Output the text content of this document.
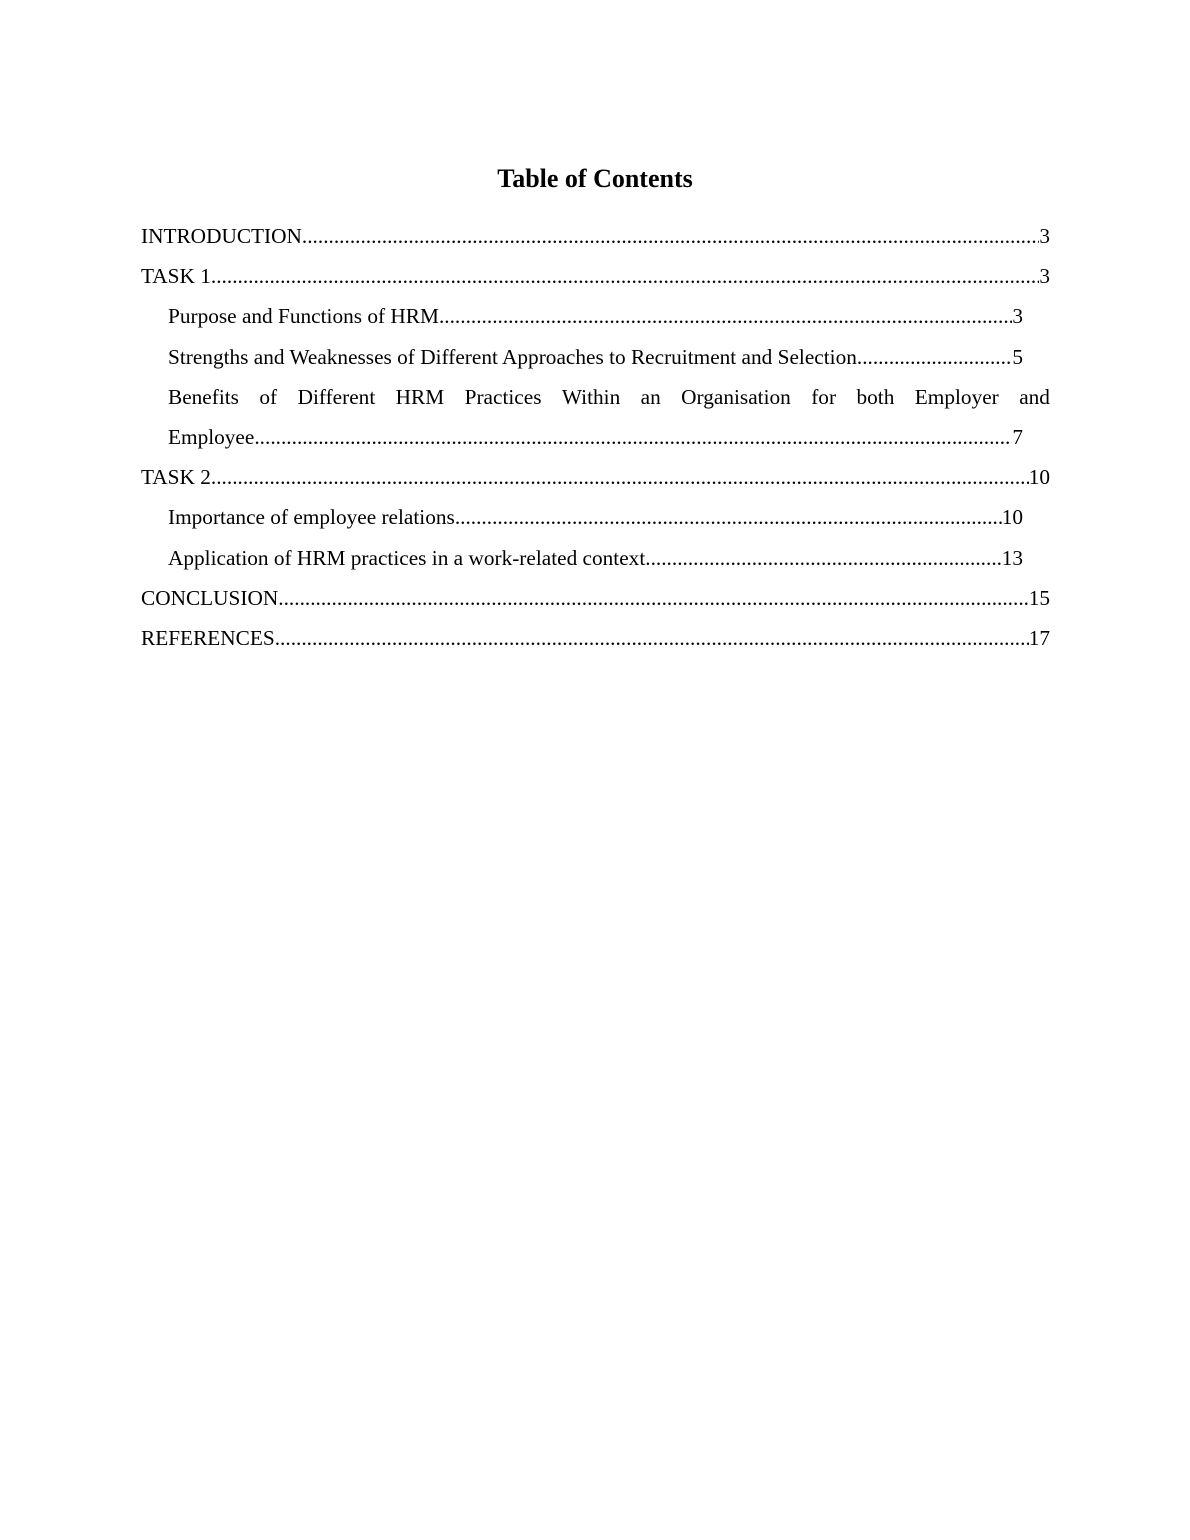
Table of Contents
INTRODUCTION .....	3
TASK 1 .....	3
Purpose and Functions of HRM .....	3
Strengths and Weaknesses of Different Approaches to Recruitment and Selection .....	5
Benefits of Different HRM Practices Within an Organisation for both Employer and
Employee .....	7
TASK 2 .....	10
Importance of employee relations .....	10
Application of HRM practices in a work-related context .....	13
CONCLUSION .....	15
REFERENCES .....	17
